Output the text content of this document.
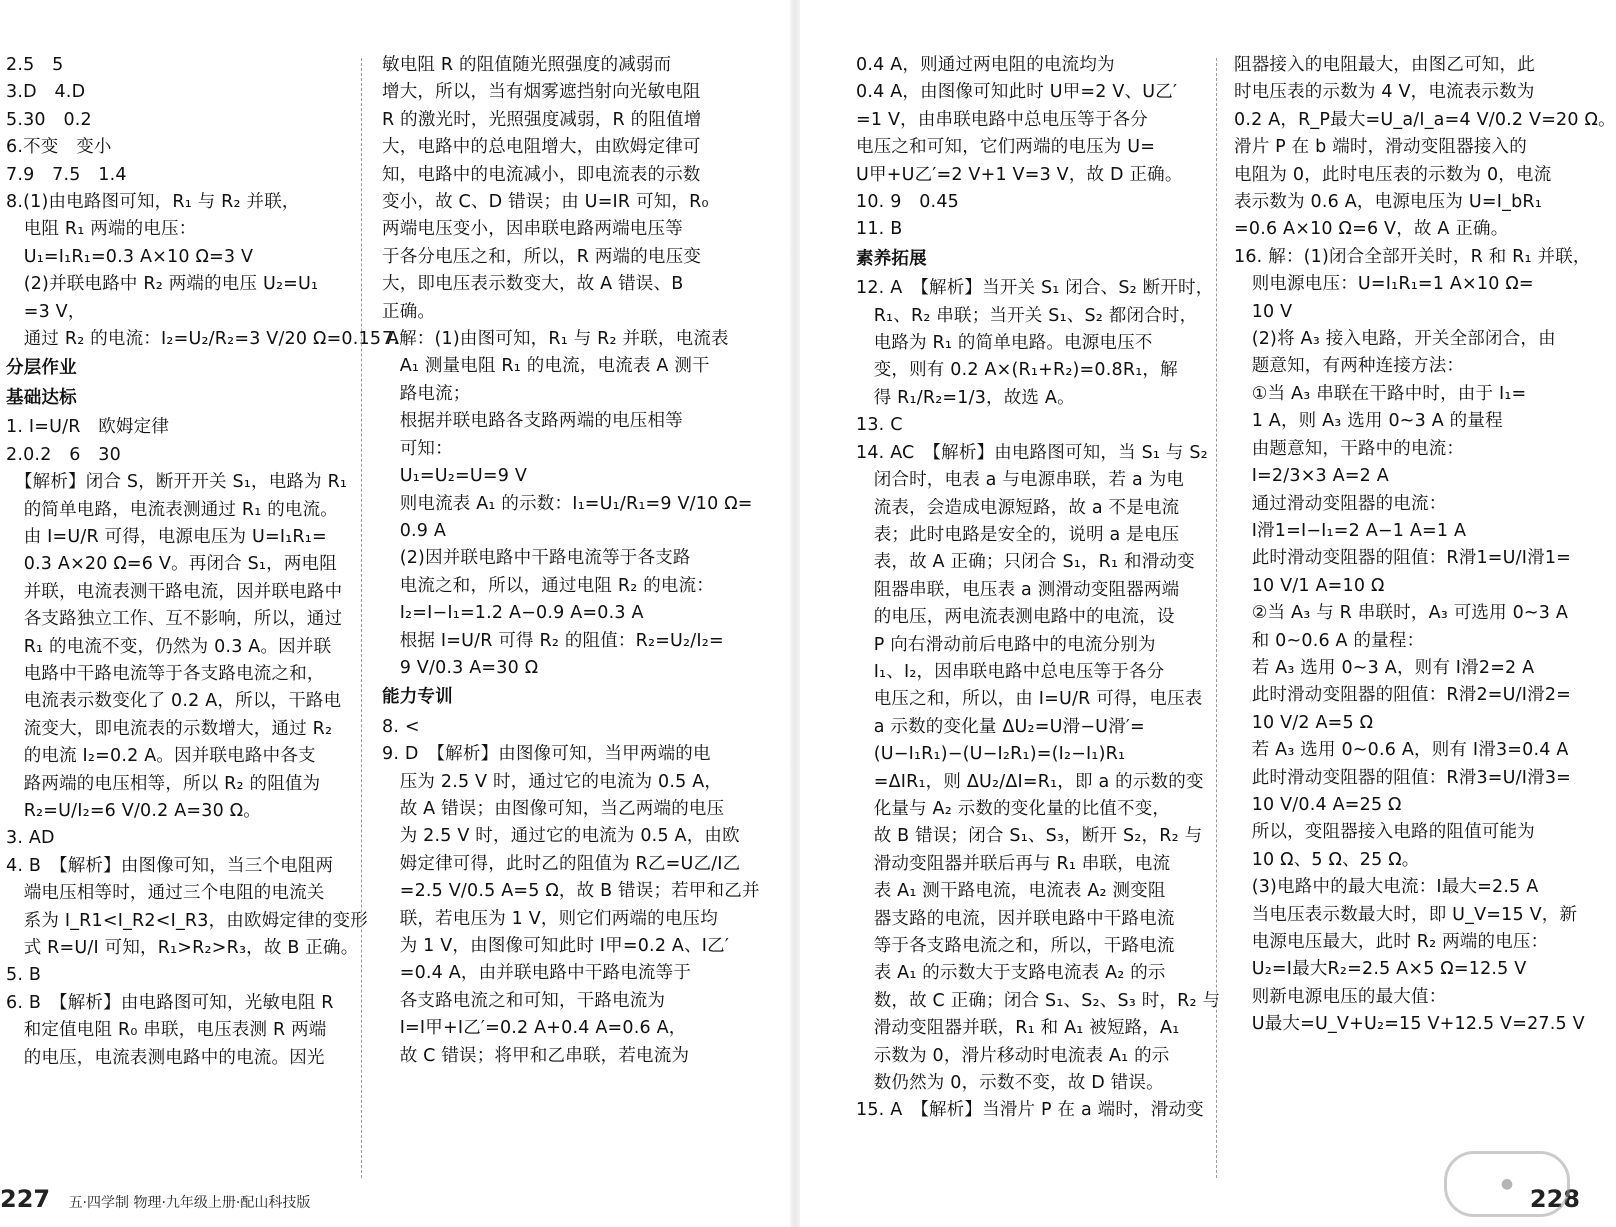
2.5　5
3.D　4.D
5.30　0.2
6.不变　变小
7.9　7.5　1.4
8.(1)由电路图可知，R₁ 与 R₂ 并联，
　电阻 R₁ 两端的电压：
　U₁=I₁R₁=0.3 A×10 Ω=3 V
　(2)并联电路中 R₂ 两端的电压 U₂=U₁
　=3 V，
　通过 R₂ 的电流：I₂=U₂/R₂=3 V/20 Ω=0.15 A
分层作业
基础达标
1. I=U/R　欧姆定律
2.0.2　6　30
　【解析】闭合 S，断开开关 S₁，电路为 R₁
　的简单电路，电流表测通过 R₁ 的电流。
　由 I=U/R 可得，电源电压为 U=I₁R₁=
　0.3 A×20 Ω=6 V。再闭合 S₁，两电阻
　并联，电流表测干路电流，因并联电路中
　各支路独立工作、互不影响，所以，通过
　R₁ 的电流不变，仍然为 0.3 A。因并联
　电路中干路电流等于各支路电流之和，
　电流表示数变化了 0.2 A，所以，干路电
　流变大，即电流表的示数增大，通过 R₂
　的电流 I₂=0.2 A。因并联电路中各支
　路两端的电压相等，所以 R₂ 的阻值为
　R₂=U/I₂=6 V/0.2 A=30 Ω。
3. AD
4. B　【解析】由图像可知，当三个电阻两
　端电压相等时，通过三个电阻的电流关
　系为 I_R1<I_R2<I_R3，由欧姆定律的变形
　式 R=U/I 可知，R₁>R₂>R₃，故 B 正确。
5. B
6. B　【解析】由电路图可知，光敏电阻 R
　和定值电阻 R₀ 串联，电压表测 R 两端
　的电压，电流表测电路中的电流。因光
敏电阻 R 的阻值随光照强度的减弱而
增大，所以，当有烟雾遮挡射向光敏电阻
R 的激光时，光照强度减弱，R 的阻值增
大，电路中的总电阻增大，由欧姆定律可
知，电路中的电流减小，即电流表的示数
变小，故 C、D 错误；由 U=IR 可知，R₀
两端电压变小，因串联电路两端电压等
于各分电压之和，所以，R 两端的电压变
大，即电压表示数变大，故 A 错误、B
正确。
7.解：(1)由图可知，R₁ 与 R₂ 并联，电流表
　A₁ 测量电阻 R₁ 的电流，电流表 A 测干
　路电流；
　根据并联电路各支路两端的电压相等
　可知：
　U₁=U₂=U=9 V
　则电流表 A₁ 的示数：I₁=U₁/R₁=9 V/10 Ω=
　0.9 A
　(2)因并联电路中干路电流等于各支路
　电流之和，所以，通过电阻 R₂ 的电流：
　I₂=I−I₁=1.2 A−0.9 A=0.3 A
　根据 I=U/R 可得 R₂ 的阻值：R₂=U₂/I₂=
　9 V/0.3 A=30 Ω
能力专训
8. <
9. D　【解析】由图像可知，当甲两端的电
　压为 2.5 V 时，通过它的电流为 0.5 A，
　故 A 错误；由图像可知，当乙两端的电压
　为 2.5 V 时，通过它的电流为 0.5 A，由欧
　姆定律可得，此时乙的阻值为 R乙=U乙/I乙
　=2.5 V/0.5 A=5 Ω，故 B 错误；若甲和乙并
　联，若电压为 1 V，则它们两端的电压均
　为 1 V，由图像可知此时 I甲=0.2 A、I乙′
　=0.4 A，由并联电路中干路电流等于
　各支路电流之和可知，干路电流为
　I=I甲+I乙′=0.2 A+0.4 A=0.6 A，
　故 C 错误；将甲和乙串联，若电流为
227 五·四学制 物理·九年级上册·配山科技版
0.4 A，则通过两电阻的电流均为
0.4 A，由图像可知此时 U甲=2 V、U乙′
=1 V，由串联电路中总电压等于各分
电压之和可知，它们两端的电压为 U=
U甲+U乙′=2 V+1 V=3 V，故 D 正确。
10. 9　0.45
11. B
素养拓展
12. A　【解析】当开关 S₁ 闭合、S₂ 断开时，
　R₁、R₂ 串联；当开关 S₁、S₂ 都闭合时，
　电路为 R₁ 的简单电路。电源电压不
　变，则有 0.2 A×(R₁+R₂)=0.8R₁，解
　得 R₁/R₂=1/3，故选 A。
13. C
14. AC　【解析】由电路图可知，当 S₁ 与 S₂
　闭合时，电表 a 与电源串联，若 a 为电
　流表，会造成电源短路，故 a 不是电流
　表；此时电路是安全的，说明 a 是电压
　表，故 A 正确；只闭合 S₁，R₁ 和滑动变
　阻器串联，电压表 a 测滑动变阻器两端
　的电压，两电流表测电路中的电流，设
　P 向右滑动前后电路中的电流分别为
　I₁、I₂，因串联电路中总电压等于各分
　电压之和，所以，由 I=U/R 可得，电压表
　a 示数的变化量 ΔU₂=U滑−U滑′=
　(U−I₁R₁)−(U−I₂R₁)=(I₂−I₁)R₁
　=ΔIR₁，则 ΔU₂/ΔI=R₁，即 a 的示数的变
　化量与 A₂ 示数的变化量的比值不变，
　故 B 错误；闭合 S₁、S₃，断开 S₂，R₂ 与
　滑动变阻器并联后再与 R₁ 串联，电流
　表 A₁ 测干路电流，电流表 A₂ 测变阻
　器支路的电流，因并联电路中干路电流
　等于各支路电流之和，所以，干路电流
　表 A₁ 的示数大于支路电流表 A₂ 的示
　数，故 C 正确；闭合 S₁、S₂、S₃ 时，R₂ 与
　滑动变阻器并联，R₁ 和 A₁ 被短路，A₁
　示数为 0，滑片移动时电流表 A₁ 的示
　数仍然为 0，示数不变，故 D 错误。
15. A　【解析】当滑片 P 在 a 端时，滑动变
阻器接入的电阻最大，由图乙可知，此
时电压表的示数为 4 V，电流表示数为
0.2 A，R_P最大=U_a/I_a=4 V/0.2 V=20 Ω。
滑片 P 在 b 端时，滑动变阻器接入的
电阻为 0，此时电压表的示数为 0，电流
表示数为 0.6 A，电源电压为 U=I_bR₁
=0.6 A×10 Ω=6 V，故 A 正确。
16. 解：(1)闭合全部开关时，R 和 R₁ 并联，
　则电源电压：U=I₁R₁=1 A×10 Ω=
　10 V
　(2)将 A₃ 接入电路，开关全部闭合，由
　题意知，有两种连接方法：
　①当 A₃ 串联在干路中时，由于 I₁=
　1 A，则 A₃ 选用 0~3 A 的量程
　由题意知，干路中的电流：
　I=2/3×3 A=2 A
　通过滑动变阻器的电流：
　I滑1=I−I₁=2 A−1 A=1 A
　此时滑动变阻器的阻值：R滑1=U/I滑1=
　10 V/1 A=10 Ω
　②当 A₃ 与 R 串联时，A₃ 可选用 0~3 A
　和 0~0.6 A 的量程：
　若 A₃ 选用 0~3 A，则有 I滑2=2 A
　此时滑动变阻器的阻值：R滑2=U/I滑2=
　10 V/2 A=5 Ω
　若 A₃ 选用 0~0.6 A，则有 I滑3=0.4 A
　此时滑动变阻器的阻值：R滑3=U/I滑3=
　10 V/0.4 A=25 Ω
　所以，变阻器接入电路的阻值可能为
　10 Ω、5 Ω、25 Ω。
　(3)电路中的最大电流：I最大=2.5 A
　当电压表示数最大时，即 U_V=15 V，新
　电源电压最大，此时 R₂ 两端的电压：
　U₂=I最大R₂=2.5 A×5 Ω=12.5 V
　则新电源电压的最大值：
　U最大=U_V+U₂=15 V+12.5 V=27.5 V
228
●
